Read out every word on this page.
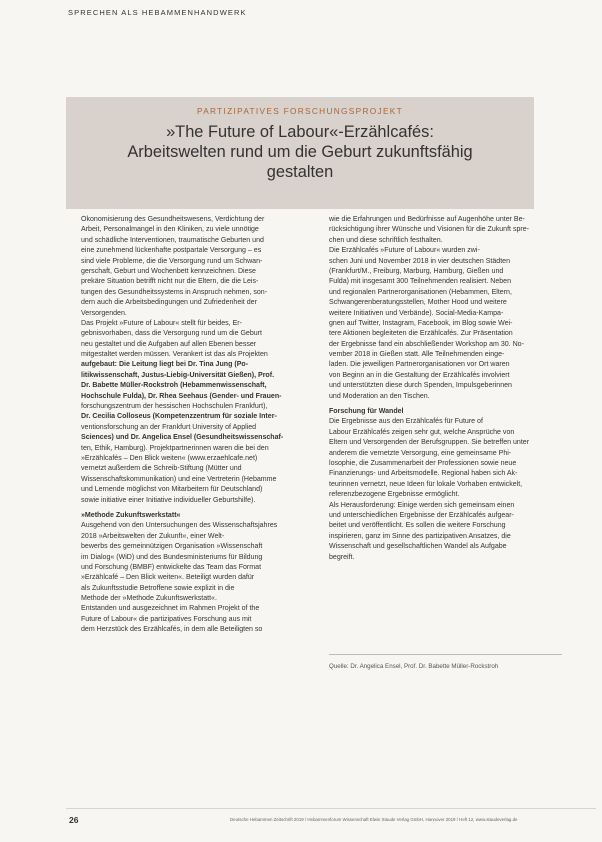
SPRECHEN ALS HEBAMMENHANDWERK
PARTIZIPATIVES FORSCHUNGSPROJEKT
»The Future of Labour«-Erzählcafés:
Arbeitswelten rund um die Geburt zukunftsfähig
gestalten
Ökonomisierung des Gesundheitswesens, Verdichtung der
Arbeit, Personalmangel in den Kliniken, zu viele unnötige
und schädliche Interventionen, traumatische Geburten und
eine zunehmend lückenhafte postpartale Versorgung – es
sind viele Probleme, die die Versorgung rund um Schwan-
gerschaft, Geburt und Wochenbett kennzeichnen. Diese
prekäre Situation betrifft nicht nur die Eltern, die die Leis-
tungen des Gesundheitssystems in Anspruch nehmen, son-
dern auch die Arbeitsbedingungen und Zufriedenheit der
Versorgenden.
Das Projekt »Future of Labour« stellt für beides, Er-
gebnisvorhaben, dass die Versorgung rund um die Geburt
neu gestaltet und die Aufgaben auf allen Ebenen besser
mitgestaltet werden müssen. Verankert ist das als Projekten
aufgebaut: Die Leitung liegt bei Dr. Tina Jung (Po-
litikwissenschaft, Justus-Liebig-Universität Gießen), Prof.
Dr. Babette Müller-Rockstroh (Hebammenwissenschaft,
Hochschule Fulda), Dr. Rhea Seehaus (Gender- und Frauen-
forschungszentrum der hessischen Hochschulen Frankfurt),
Dr. Cecilia Colloseus (Kompetenzzentrum für soziale Inter-
ventionsforschung an der Frankfurt University of Applied
Sciences) und Dr. Angelica Ensel (Gesundheitswissenschaf-
ten, Ethik, Hamburg). Projektpartnerinnen waren die bei den
»Erzählcafés – Den Blick weiten« (www.erzaehlcafe.net)
vernetzt außerdem die Schreib-Stiftung (Mütter und
Wissenschaftskommunikation) und eine Vertreterin (Hebamme
und Lernende möglichst von Mitarbeitern für Deutschland)
sowie initiative einer Initiative individueller Geburtshilfe).
»Methode Zukunftswerkstatt«
Ausgehend von den Untersuchungen des Wissenschaftsjahres
2018 »Arbeitswelten der Zukunft«, einer Welt-
bewerbs des gemeinnützigen Organisation »Wissenschaft
im Dialog« (WiD) und des Bundesministeriums für Bildung
und Forschung (BMBF) entwickelte das Team das Format
»Erzählcafé – Den Blick weiten«. Beteiligt wurden dafür
als Zukunftsstudie Betroffene sowie explizit in die
Methode der »Methode Zukunftswerkstatt«.
Entstanden und ausgezeichnet im Rahmen Projekt of the
Future of Labour« die partizipatives Forschung aus mit
dem Herzstück des Erzählcafés, in dem alle Beteiligten so
wie die Erfahrungen und Bedürfnisse auf Augenhöhe unter Be-
rücksichtigung ihrer Wünsche und Visionen für die Zukunft spre-
chen und diese schriftlich festhalten.
Die Erzählcafés »Future of Labour« wurden zwi-
schen Juni und November 2018 in vier deutschen Städten
(Frankfurt/M., Freiburg, Marburg, Hamburg, Gießen und
Fulda) mit insgesamt 300 Teilnehmenden realisiert. Neben
und regionalen Partnerorganisationen (Hebammen, Eltern,
Schwangerenberatungsstellen, Mother Hood und weitere
weitere Initiativen und Verbände). Social-Media-Kampa-
gnen auf Twitter, Instagram, Facebook, im Blog sowie Wei-
tere Aktionen begleiteten die Erzählcafés. Zur Präsentation
der Ergebnisse fand ein abschließender Workshop am 30. No-
vember 2018 in Gießen statt. Alle Teilnehmenden einge-
laden. Die jeweiligen Partnerorganisationen vor Ort waren
von Beginn an in die Gestaltung der Erzählcafés involviert
und unterstützten diese durch Spenden, Impulsgeberinnen
und Moderation an den Tischen.
Forschung für Wandel
Die Ergebnisse aus den Erzählcafés für Future of
Labour Erzählcafés zeigen sehr gut, welche Ansprüche von
Eltern und Versorgenden der Berufsgruppen. Sie betreffen unter
anderem die vernetzte Versorgung, eine gemeinsame Phi-
losophie, die Zusammenarbeit der Professionen sowie neue
Finanzierungs- und Arbeitsmodelle. Regional haben sich Ak-
teurinnen vernetzt, neue Ideen für lokale Vorhaben entwickelt,
referenzbezogene Ergebnisse ermöglicht.
Als Herausforderung: Einige werden sich gemeinsam einen
und unterschiedlichen Ergebnisse der Erzählcafés aufgear-
beitet und veröffentlicht. Es sollen die weitere Forschung
inspirieren, ganz im Sinne des partizipativen Ansatzes, die
Wissenschaft und gesellschaftlichen Wandel als Aufgabe
begreift.
Quelle: Dr. Angelica Ensel, Prof. Dr. Babette Müller-Rockstroh
26	Deutsche Hebammen Zeitschrift 2019 / Hebammenforum Wissenschaft Elwin Staude Verlag GmbH, Hannover 2019 / Heft 12, www.staudeverlag.de
